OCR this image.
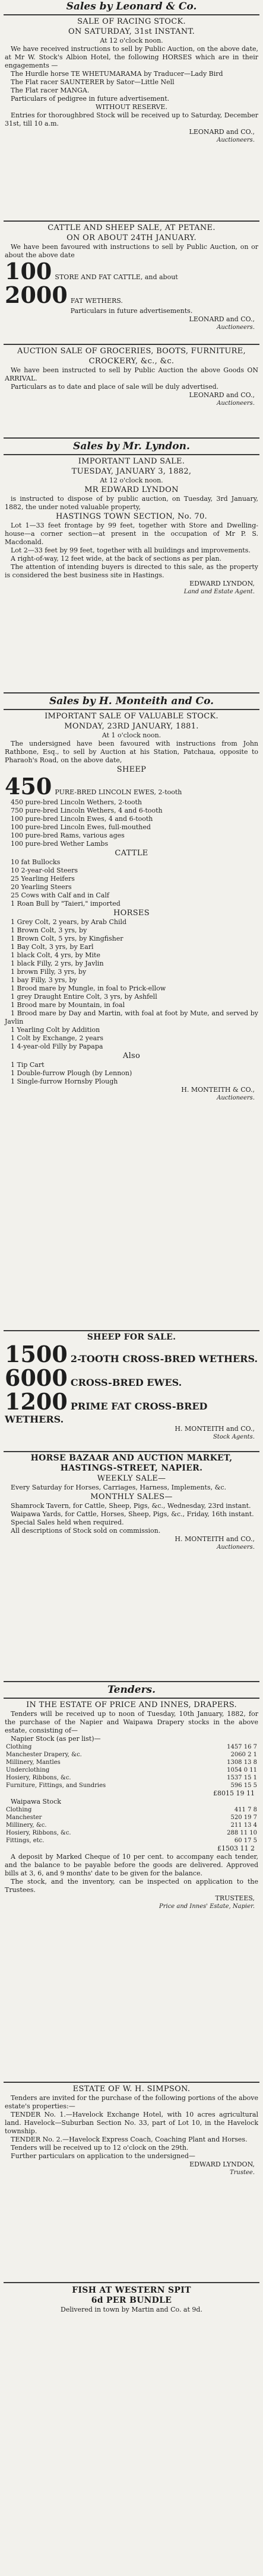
Sales by Leonard & Co.
SALE OF RACING STOCK.
ON SATURDAY, 31st INSTANT.
At 12 o'clock noon.
We have received instructions to sell by Public Auction, on the above date, at Mr W. Stock's Albion Hotel, the following HORSES which are in their engagements —
The Hurdle horse TE WHETUMARAMA by Traducer—Lady Bird
The Flat racer SAUNTERER by Sator—Little Nell
The Flat racer MANGA.
Particulars of pedigree in future advertisement.
WITHOUT RESERVE.
Entries for thoroughbred Stock will be received up to Saturday, December 31st, till 10 a.m.
LEONARD and CO.,
Auctioneers.
CATTLE AND SHEEP SALE, AT PETANE.
ON OR ABOUT 24TH JANUARY.
We have been favoured with instructions to sell by Public Auction, on or about the above date
100 STORE AND FAT CATTLE, and about
2000 FAT WETHERS.
Particulars in future advertisements.
LEONARD and CO.,
Auctioneers.
AUCTION SALE OF GROCERIES, BOOTS, FURNITURE, CROCKERY, &c., &c.
We have been instructed to sell by Public Auction the above Goods ON ARRIVAL.
Particulars as to date and place of sale will be duly advertised.
LEONARD and CO.,
Auctioneers.
Sales by Mr. Lyndon.
IMPORTANT LAND SALE.
TUESDAY, JANUARY 3, 1882,
At 12 o'clock noon.
MR EDWARD LYNDON
is instructed to dispose of by public auction, on Tuesday, 3rd January, 1882, the under noted valuable property,
HASTINGS TOWN SECTION, No. 70.
Lot 1—33 feet frontage by 99 feet, together with Store and Dwelling-house—a corner section—at present in the occupation of Mr P. S. Macdonald.
Lot 2—33 feet by 99 feet, together with all buildings and improvements.
A right-of-way, 12 feet wide, at the back of sections as per plan.
The attention of intending buyers is directed to this sale, as the property is considered the best business site in Hastings.
EDWARD LYNDON,
Land and Estate Agent.
Sales by H. Monteith and Co.
IMPORTANT SALE OF VALUABLE STOCK.
MONDAY, 23RD JANUARY, 1881.
At 1 o'clock noon.
The undersigned have been favoured with instructions from John Rathbone, Esq., to sell by Auction at his Station, Patchaua, opposite to Pharaoh's Road, on the above date,
SHEEP
450 PURE-BRED LINCOLN EWES, 2-tooth
450 pure-bred Lincoln Wethers, 2-tooth
750 pure-bred Lincoln Wethers, 4 and 6-tooth
100 pure-bred Lincoln Ewes, 4 and 6-tooth
100 pure-bred Lincoln Ewes, full-mouthed
100 pure-bred Rams, various ages
100 pure-bred Wether Lambs
CATTLE
10 fat Bullocks
10 2-year-old Steers
25 Yearling Heifers
20 Yearling Steers
25 Cows with Calf and in Calf
1 Roan Bull by "Taieri," imported
HORSES
1 Grey Colt, 2 years, by Arab Child
1 Brown Colt, 3 yrs, by
1 Brown Colt, 5 yrs, by Kingfisher
1 Bay Colt, 3 yrs, by Earl
1 black Colt, 4 yrs, by Mite
1 black Filly, 2 yrs, by Javlin
1 brown Filly, 3 yrs, by
1 bay Filly, 3 yrs, by
1 Brood mare by Mungle, in foal to Prick-ellow
1 grey Draught Entire Colt, 3 yrs, by Ashfell
1 Brood mare by Mountain, in foal
1 Brood mare by Day and Martin, with foal at foot by Mute, and served by Javlin
1 Yearling Colt by Addition
1 Colt by Exchange, 2 years
1 4-year-old Filly by Papapa
Also
1 Tip Cart
1 Double-furrow Plough (by Lennon)
1 Single-furrow Hornsby Plough
H. MONTEITH & CO.,
Auctioneers.
SHEEP FOR SALE.
1500 2-TOOTH CROSS-BRED WETHERS.
6000 CROSS-BRED EWES.
1200 PRIME FAT CROSS-BRED WETHERS.
H. MONTEITH and CO.,
Stock Agents.
HORSE BAZAAR AND AUCTION MARKET, HASTINGS-STREET, NAPIER.
WEEKLY SALE—
Every Saturday for Horses, Carriages, Harness, Implements, &c.
MONTHLY SALES—
Shamrock Tavern, for Cattle, Sheep, Pigs, &c., Wednesday, 23rd instant.
Waipawa Yards, for Cattle, Horses, Sheep, Pigs, &c., Friday, 16th instant.
Special Sales held when required.
All descriptions of Stock sold on commission.
H. MONTEITH and CO.,
Auctioneers.
Tenders.
IN THE ESTATE OF PRICE AND INNES, DRAPERS.
Tenders will be received up to noon of Tuesday, 10th January, 1882, for the purchase of the Napier and Waipawa Drapery stocks in the above estate, consisting of—
Napier Stock (as per list)—
Clothing	1457 16 7
Manchester Drapery, &c.	2060 2 1
Millinery, Mantles	1308 13 8
Underclothing	1054 0 11
Hosiery, Ribbons, &c.	1537 15 1
Furniture, Fittings, and Sundries	596 15 5
£8015 19 11
Waipawa Stock
Clothing	411 7 8
Manchester	520 19 7
Millinery, &c.	211 13 4
Hosiery, Ribbons, &c.	288 11 10
Fittings, etc.	60 17 5
£1503 11 2
A deposit by Marked Cheque of 10 per cent. to accompany each tender, and the balance to be payable before the goods are delivered. Approved bills at 3, 6, and 9 months' date to be given for the balance.
The stock, and the inventory, can be inspected on application to the Trustees.
TRUSTEES,
Price and Innes' Estate, Napier.
ESTATE OF W. H. SIMPSON.
Tenders are invited for the purchase of the following portions of the above estate's properties:—
TENDER No. 1.—Havelock Exchange Hotel, with 10 acres agricultural land. Havelock—Suburban Section No. 33, part of Lot 10, in the Havelock township.
TENDER No. 2.—Havelock Express Coach, Coaching Plant and Horses.
Tenders will be received up to 12 o'clock on the 29th.
Further particulars on application to the undersigned—
EDWARD LYNDON,
Trustee.
FISH AT WESTERN SPIT
6d PER BUNDLE
Delivered in town by Martin and Co. at 9d.
